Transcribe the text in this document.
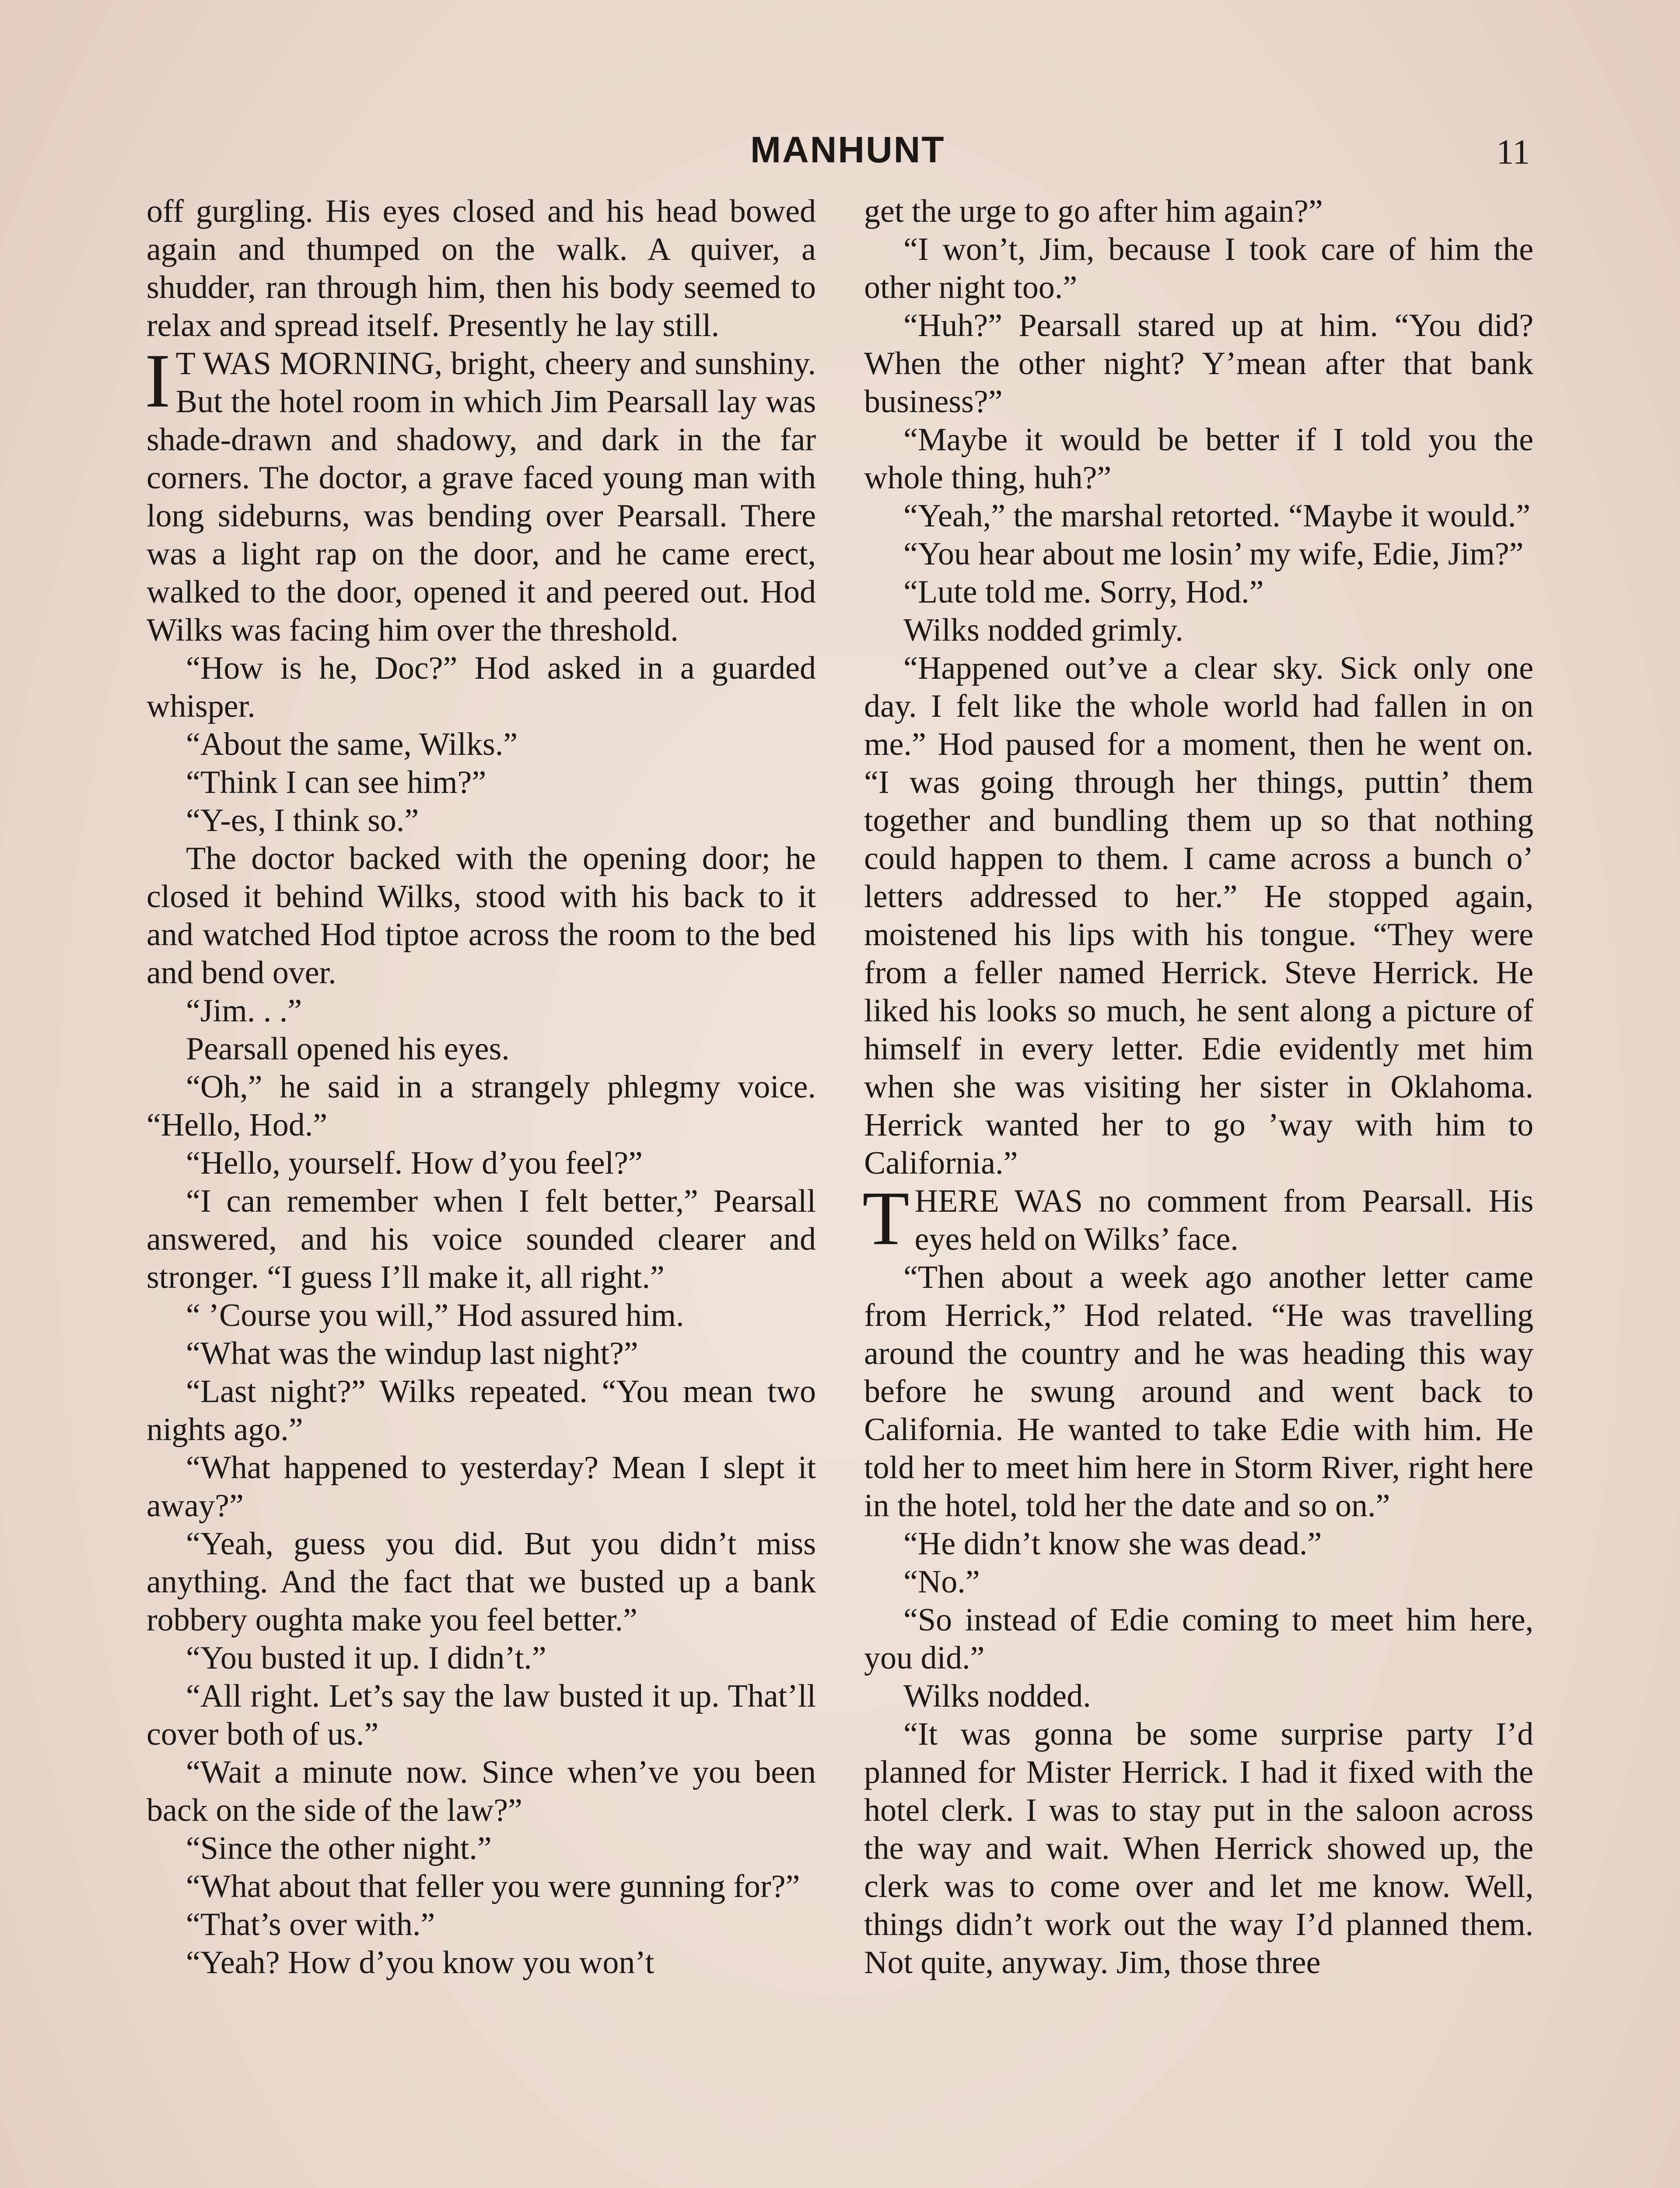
MANHUNT	11

off gurgling. His eyes closed and his head bowed again and thumped on the walk. A quiver, a shudder, ran through him, then his body seemed to relax and spread itself. Presently he lay still.

I T WAS MORNING, bright, cheery and sunshiny. But the hotel room in which Jim Pearsall lay was shade-drawn and shadowy, and dark in the far corners. The doctor, a grave faced young man with long sideburns, was bending over Pearsall. There was a light rap on the door, and he came erect, walked to the door, opened it and peered out. Hod Wilks was facing him over the threshold.

“How is he, Doc?” Hod asked in a guarded whisper.

“About the same, Wilks.”

“Think I can see him?”

“Y-es, I think so.”

The doctor backed with the opening door; he closed it behind Wilks, stood with his back to it and watched Hod tiptoe across the room to the bed and bend over.

“Jim. . .”

Pearsall opened his eyes.

“Oh,” he said in a strangely phlegmy voice. “Hello, Hod.”

“Hello, yourself. How d’you feel?”

“I can remember when I felt better,” Pearsall answered, and his voice sounded clearer and stronger. “I guess I’ll make it, all right.”

“ ’Course you will,” Hod assured him.

“What was the windup last night?”

“Last night?” Wilks repeated. “You mean two nights ago.”

“What happened to yesterday? Mean I slept it away?”

“Yeah, guess you did. But you didn’t miss anything. And the fact that we busted up a bank robbery oughta make you feel better.”

“You busted it up. I didn’t.”

“All right. Let’s say the law busted it up. That’ll cover both of us.”

“Wait a minute now. Since when’ve you been back on the side of the law?”

“Since the other night.”

“What about that feller you were gunning for?”

“That’s over with.”

“Yeah? How d’you know you won’t

get the urge to go after him again?”

“I won’t, Jim, because I took care of him the other night too.”

“Huh?” Pearsall stared up at him. “You did? When the other night? Y’mean after that bank business?”

“Maybe it would be better if I told you the whole thing, huh?”

“Yeah,” the marshal retorted. “Maybe it would.”

“You hear about me losin’ my wife, Edie, Jim?”

“Lute told me. Sorry, Hod.”

Wilks nodded grimly.

“Happened out’ve a clear sky. Sick only one day. I felt like the whole world had fallen in on me.” Hod paused for a moment, then he went on. “I was going through her things, puttin’ them together and bundling them up so that nothing could happen to them. I came across a bunch o’ letters addressed to her.” He stopped again, moistened his lips with his tongue. “They were from a feller named Herrick. Steve Herrick. He liked his looks so much, he sent along a picture of himself in every letter. Edie evidently met him when she was visiting her sister in Oklahoma. Herrick wanted her to go ’way with him to California.”

THERE WAS no comment from Pearsall. His eyes held on Wilks’ face.

“Then about a week ago another letter came from Herrick,” Hod related. “He was travelling around the country and he was heading this way before he swung around and went back to California. He wanted to take Edie with him. He told her to meet him here in Storm River, right here in the hotel, told her the date and so on.”

“He didn’t know she was dead.”

“No.”

“So instead of Edie coming to meet him here, you did.”

Wilks nodded.

“It was gonna be some surprise party I’d planned for Mister Herrick. I had it fixed with the hotel clerk. I was to stay put in the saloon across the way and wait. When Herrick showed up, the clerk was to come over and let me know. Well, things didn’t work out the way I’d planned them. Not quite, anyway. Jim, those three
